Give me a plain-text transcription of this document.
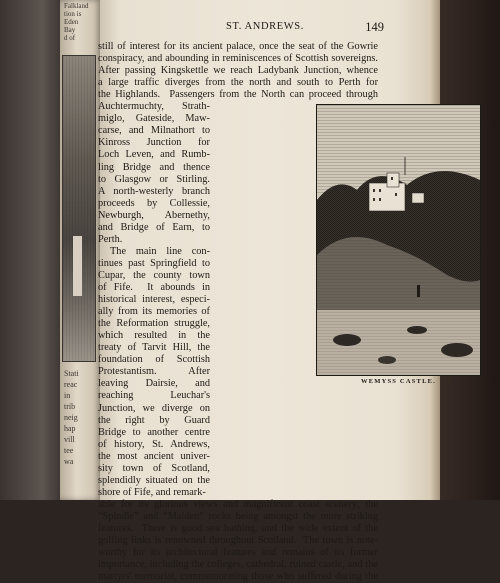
Falkland
tion is
Eden
Bay
d of
Stati
reac
in
trib
neig
hap
vill
tee
wa
ST. ANDREWS.	149
still of interest for its ancient palace, once the seat of the Gowrie
conspiracy, and abounding in reminiscences of Scottish sovereigns.
After passing Kingskettle we reach Ladybank Junction, whence
a large traffic diverges from the north and south to Perth for
the Highlands.  Passengers from the North can proceed through
Auchtermuchty, Strath-
miglo, Gateside, Maw-
carse, and Milnathort to
Kinross Junction for
Loch Leven, and Rumb-
ling Bridge and thence
to Glasgow or Stirling.
A north-westerly branch
proceeds by Collessie,
Newburgh, Abernethy,
and Bridge of Earn, to
Perth.
The main line con-
tinues past Springfield to
Cupar, the county town
of Fife.  It abounds in
historical interest, especi-
ally from its memories of
the Reformation struggle,
which resulted in the
treaty of Tarvit Hill, the
foundation of Scottish
Protestantism.       After
leaving  Dairsie,  and
reaching    Leuchar's
Junction, we diverge on
the  right  by  Guard
Bridge to another centre
of history, St. Andrews,
the most ancient univer-
sity town of Scotland,
splendidly situated on the
shore of Fife, and remark-
able for its glorious views and magnificent coast scenery; the
“Spindle” and “Maiden” rocks being amongst the more striking
features.  There is good sea bathing, and the wide extent of the
golfing links is renowned throughout Scotland.  The town is note-
worthy for its architectural features and remains of its former
importance, including the colleges, cathedral, ruined castle, and the
martyrs' memorial, commemorating those who suffered during the
WEMYSS CASTLE.
